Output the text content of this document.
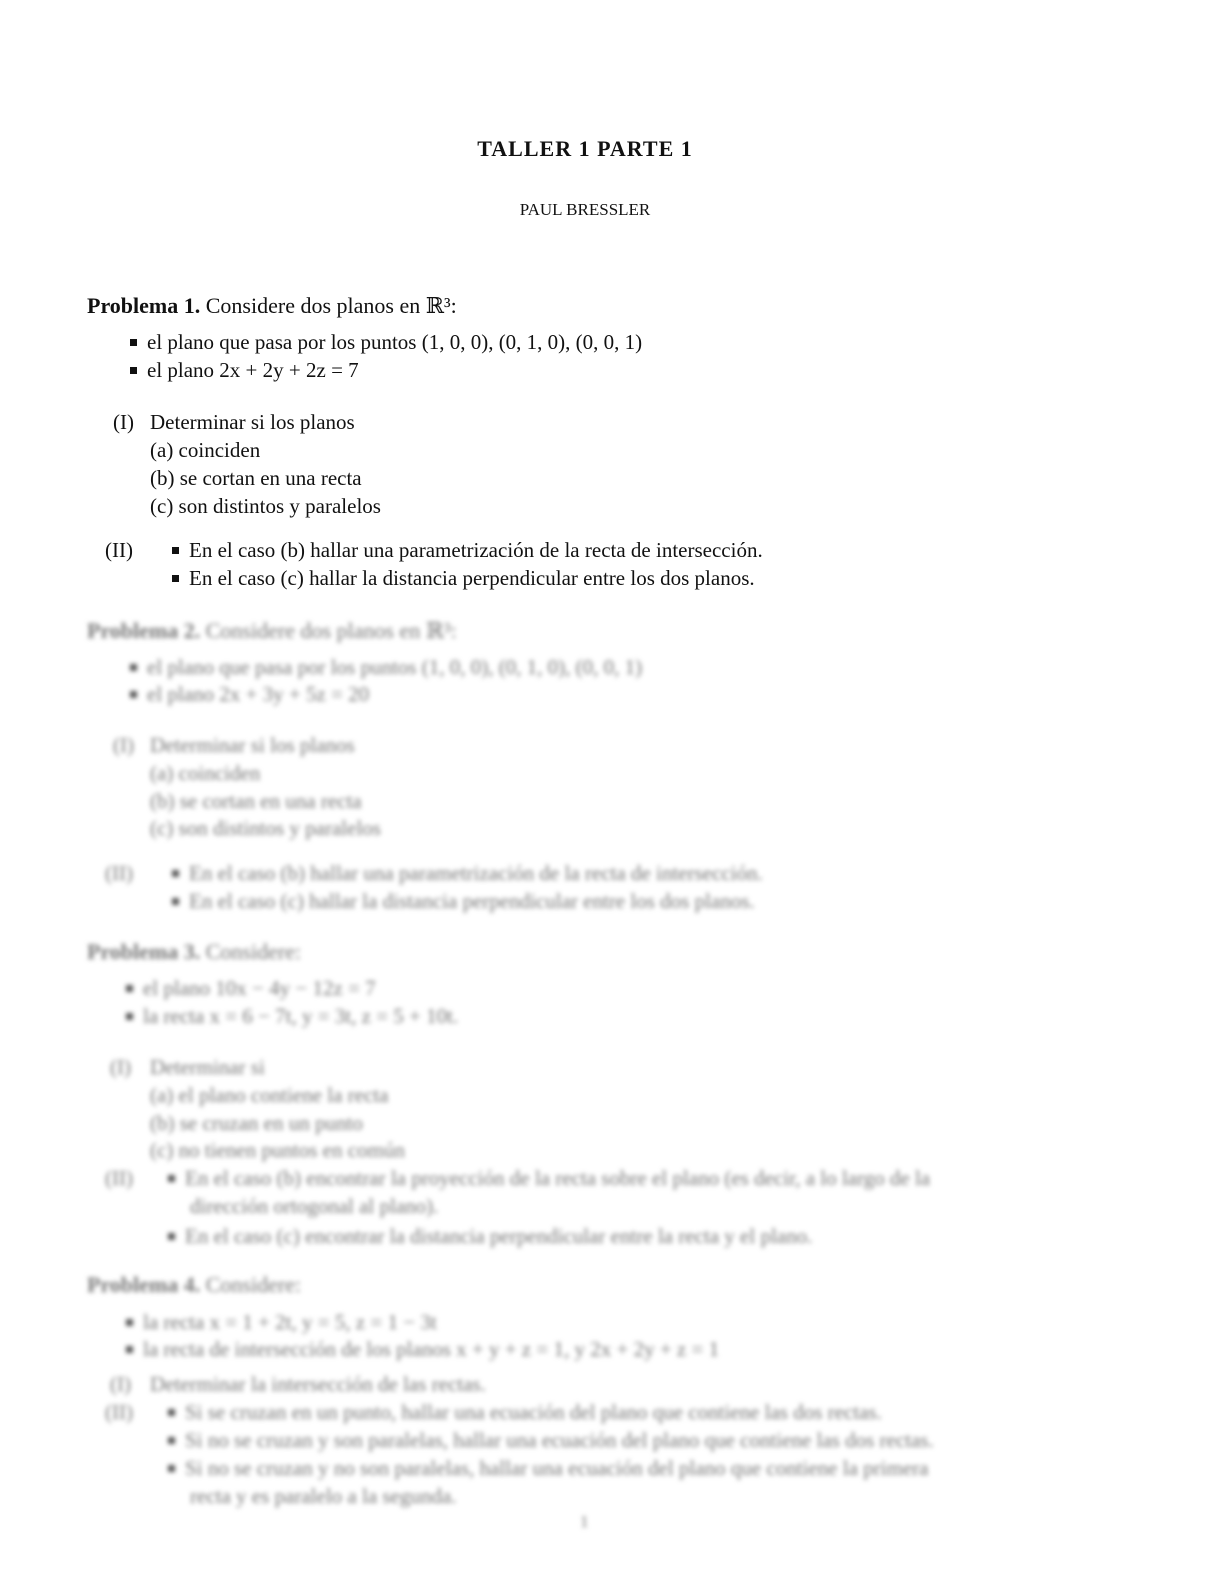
TALLER 1 PARTE 1
PAUL BRESSLER
Problema 1. Considere dos planos en ℝ³:
el plano que pasa por los puntos (1, 0, 0), (0, 1, 0), (0, 0, 1)
el plano 2x + 2y + 2z = 7
(I) Determinar si los planos
(a) coinciden
(b) se cortan en una recta
(c) son distintos y paralelos
(II)	En el caso (b) hallar una parametrización de la recta de intersección.
En el caso (c) hallar la distancia perpendicular entre los dos planos.
Problema 2. Considere dos planos en ℝ³:
el plano que pasa por los puntos (1, 0, 0), (0, 1, 0), (0, 0, 1)
el plano 2x + 3y + 5z = 20
(I) Determinar si los planos
(a) coinciden
(b) se cortan en una recta
(c) son distintos y paralelos
(II)	En el caso (b) hallar una parametrización de la recta de intersección.
En el caso (c) hallar la distancia perpendicular entre los dos planos.
Problema 3. Considere:
el plano 10x − 4y − 12z = 7
la recta x = 6 − 7t, y = 3t, z = 5 + 10t.
(I) Determinar si
(a) el plano contiene la recta
(b) se cruzan en un punto
(c) no tienen puntos en común
(II)	En el caso (b) encontrar la proyección de la recta sobre el plano (es decir, a lo largo de la
dirección ortogonal al plano).
En el caso (c) encontrar la distancia perpendicular entre la recta y el plano.
Problema 4. Considere:
la recta x = 1 + 2t, y = 5, z = 1 − 3t
la recta de intersección de los planos x + y + z = 1, y 2x + 2y + z = 1
(I) Determinar la intersección de las rectas.
(II)	Si se cruzan en un punto, hallar una ecuación del plano que contiene las dos rectas.
Si no se cruzan y son paralelas, hallar una ecuación del plano que contiene las dos rectas.
Si no se cruzan y no son paralelas, hallar una ecuación del plano que contiene la primera
recta y es paralelo a la segunda.
1
